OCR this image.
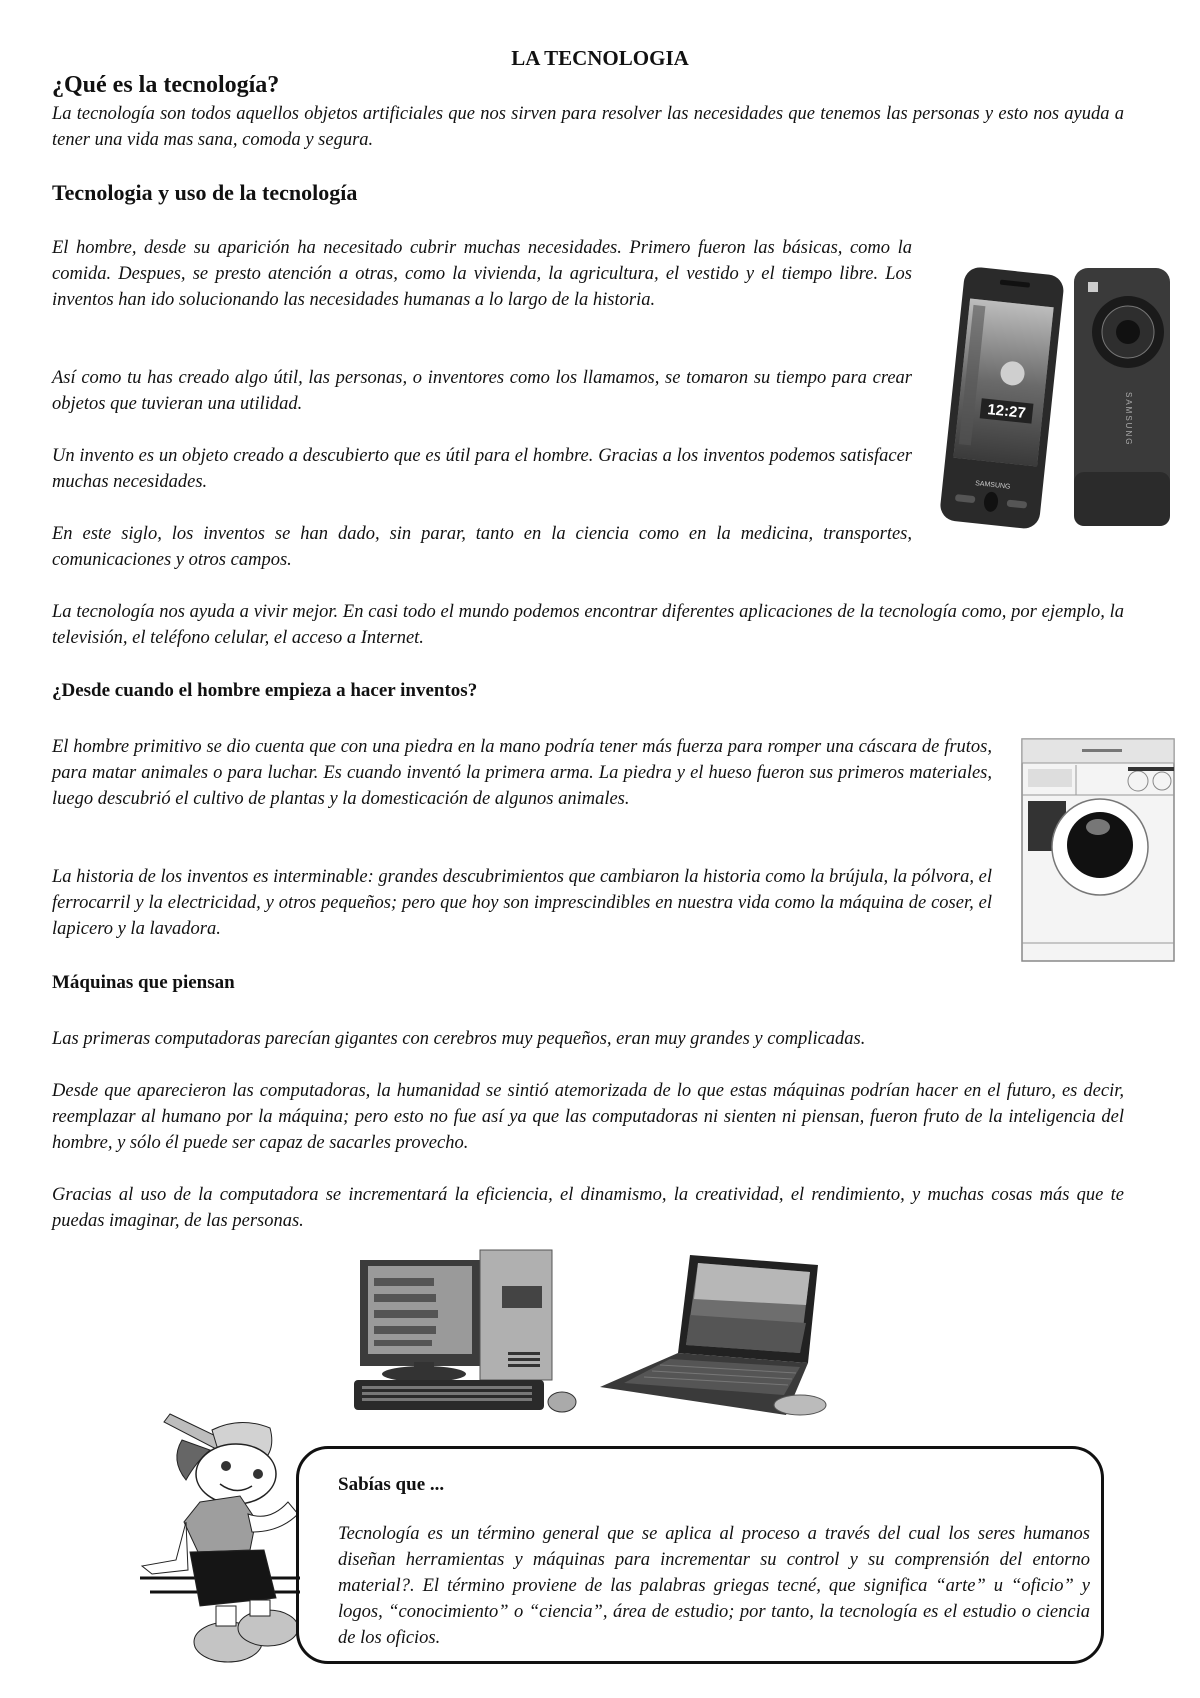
LA TECNOLOGIA
¿Qué es la tecnología?

La tecnología son todos aquellos objetos artificiales que nos sirven para resolver las necesidades que tenemos las personas y esto nos ayuda a tener una vida mas sana, comoda y segura.

Tecnologia y uso de la tecnología

El hombre, desde su aparición ha necesitado cubrir muchas necesidades. Primero fueron las básicas, como la comida. Despues, se presto atención a otras, como la vivienda, la agricultura, el vestido y el tiempo libre. Los inventos han ido solucionando las necesidades humanas a lo largo de la historia.

Así como tu has creado algo útil, las personas, o inventores como los llamamos, se tomaron su tiempo para crear objetos que tuvieran una utilidad.

Un invento es un objeto creado a descubierto que es útil para el hombre. Gracias a los inventos podemos satisfacer muchas necesidades.

En este siglo, los inventos se han dado, sin parar, tanto en la ciencia como en la medicina, transportes, comunicaciones y otros campos.

La tecnología nos ayuda a vivir mejor. En casi todo el mundo podemos encontrar diferentes aplicaciones de la tecnología como, por ejemplo, la televisión, el teléfono celular, el acceso a Internet.

12:27
SAMSUNG
SAMSUNG
¿Desde cuando el hombre empieza a hacer inventos?

El hombre primitivo se dio cuenta que con una piedra en la mano podría tener más fuerza para romper una cáscara de frutos, para matar animales o para luchar. Es cuando inventó la primera arma. La piedra y el hueso fueron sus primeros materiales, luego descubrió el cultivo de plantas y la domesticación de algunos animales.

La historia de los inventos es interminable: grandes descubrimientos que cambiaron la historia como la brújula, la pólvora, el ferrocarril y la electricidad, y otros pequeños; pero que hoy son imprescindibles en nuestra vida como la máquina de coser, el lapicero y la lavadora.

Máquinas que piensan

Las primeras computadoras parecían gigantes con cerebros muy pequeños, eran muy grandes y complicadas.

Desde que aparecieron las computadoras, la humanidad se sintió atemorizada de lo que estas máquinas podrían hacer en el futuro, es decir, reemplazar al humano por la máquina; pero esto no fue así ya que las computadoras ni sienten ni piensan, fueron fruto de la inteligencia del hombre, y sólo él puede ser capaz de sacarles provecho.

Gracias al uso de la computadora se incrementará la eficiencia, el dinamismo, la creatividad, el rendimiento, y muchas cosas más que te puedas imaginar, de las personas.

Sabías que ...

Tecnología es un término general que se aplica al proceso a través del cual los seres humanos diseñan herramientas y máquinas para incrementar su control y su comprensión del entorno material?. El término proviene de las palabras griegas tecné, que significa “arte” u “oficio” y logos, “conocimiento” o “ciencia”, área de estudio; por tanto, la tecnología es el estudio o ciencia de los oficios.
